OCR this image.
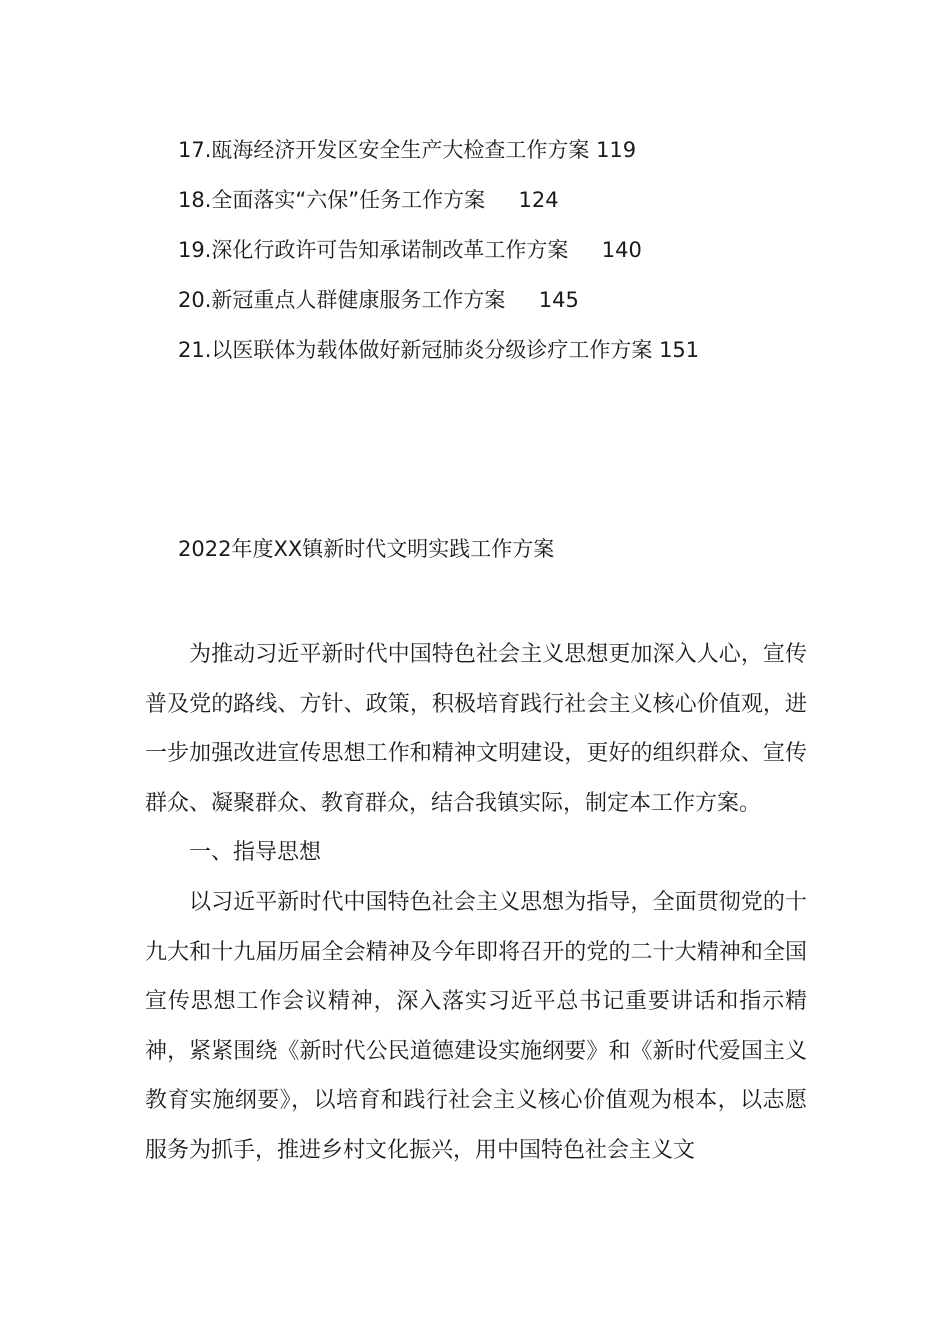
17.瓯海经济开发区安全生产大检查工作方案 119
18.全面落实“六保”任务工作方案     124
19.深化行政许可告知承诺制改革工作方案     140
20.新冠重点人群健康服务工作方案     145
21.以医联体为载体做好新冠肺炎分级诊疗工作方案 151
2022年度XX镇新时代文明实践工作方案

为推动习近平新时代中国特色社会主义思想更加深入人心，宣传普及党的路线、方针、政策，积极培育践行社会主义核心价值观，进一步加强改进宣传思想工作和精神文明建设，更好的组织群众、宣传群众、凝聚群众、教育群众，结合我镇实际，制定本工作方案。

一、指导思想

以习近平新时代中国特色社会主义思想为指导，全面贯彻党的十九大和十九届历届全会精神及今年即将召开的党的二十大精神和全国宣传思想工作会议精神，深入落实习近平总书记重要讲话和指示精神，紧紧围绕《新时代公民道德建设实施纲要》和《新时代爱国主义教育实施纲要》，以培育和践行社会主义核心价值观为根本，以志愿服务为抓手，推进乡村文化振兴，用中国特色社会主义文
